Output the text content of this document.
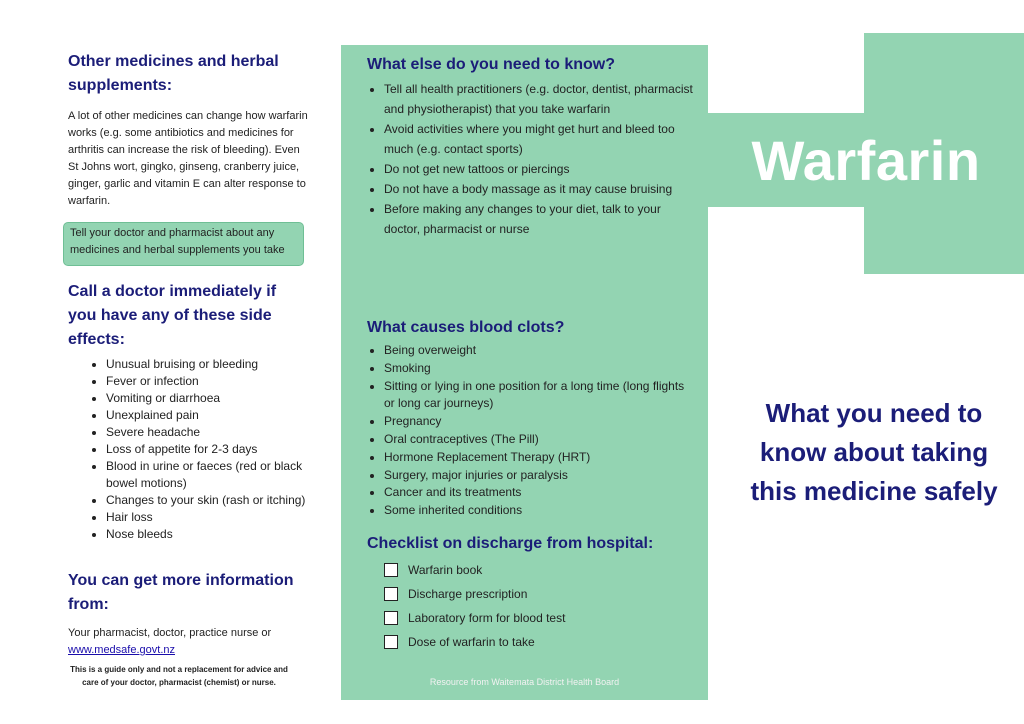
Other medicines and herbal supplements:

A lot of other medicines can change how warfarin works (e.g. some antibiotics and medicines for arthritis can increase the risk of bleeding). Even St Johns wort, gingko, ginseng, cranberry juice, ginger, garlic and vitamin E can alter response to warfarin.

Tell your doctor and pharmacist about any medicines and herbal supplements you take
Call a doctor immediately if you have any of these side effects:
• Unusual bruising or bleeding
• Fever or infection
• Vomiting or diarrhoea
• Unexplained pain
• Severe headache
• Loss of appetite for 2-3 days
• Blood in urine or faeces (red or black bowel motions)
• Changes to your skin (rash or itching)
• Hair loss
• Nose bleeds
You can get more information from:
Your pharmacist, doctor, practice nurse or
www.medsafe.govt.nz
This is a guide only and not a replacement for advice and care of your doctor, pharmacist (chemist) or nurse.
What else do you need to know?
• Tell all health practitioners (e.g. doctor, dentist, pharmacist and physiotherapist) that you take warfarin
• Avoid activities where you might get hurt and bleed too much (e.g. contact sports)
• Do not get new tattoos or piercings
• Do not have a body massage as it may cause bruising
• Before making any changes to your diet, talk to your doctor, pharmacist or nurse
What causes blood clots?
• Being overweight
• Smoking
• Sitting or lying in one position for a long time (long flights or long car journeys)
• Pregnancy
• Oral contraceptives (The Pill)
• Hormone Replacement Therapy (HRT)
• Surgery, major injuries or paralysis
• Cancer and its treatments
• Some inherited conditions
Checklist on discharge from hospital:
Warfarin book
Discharge prescription
Laboratory form for blood test
Dose of warfarin to take
Resource from Waitemata District Health Board
Warfarin
What you need to know about taking this medicine safely
